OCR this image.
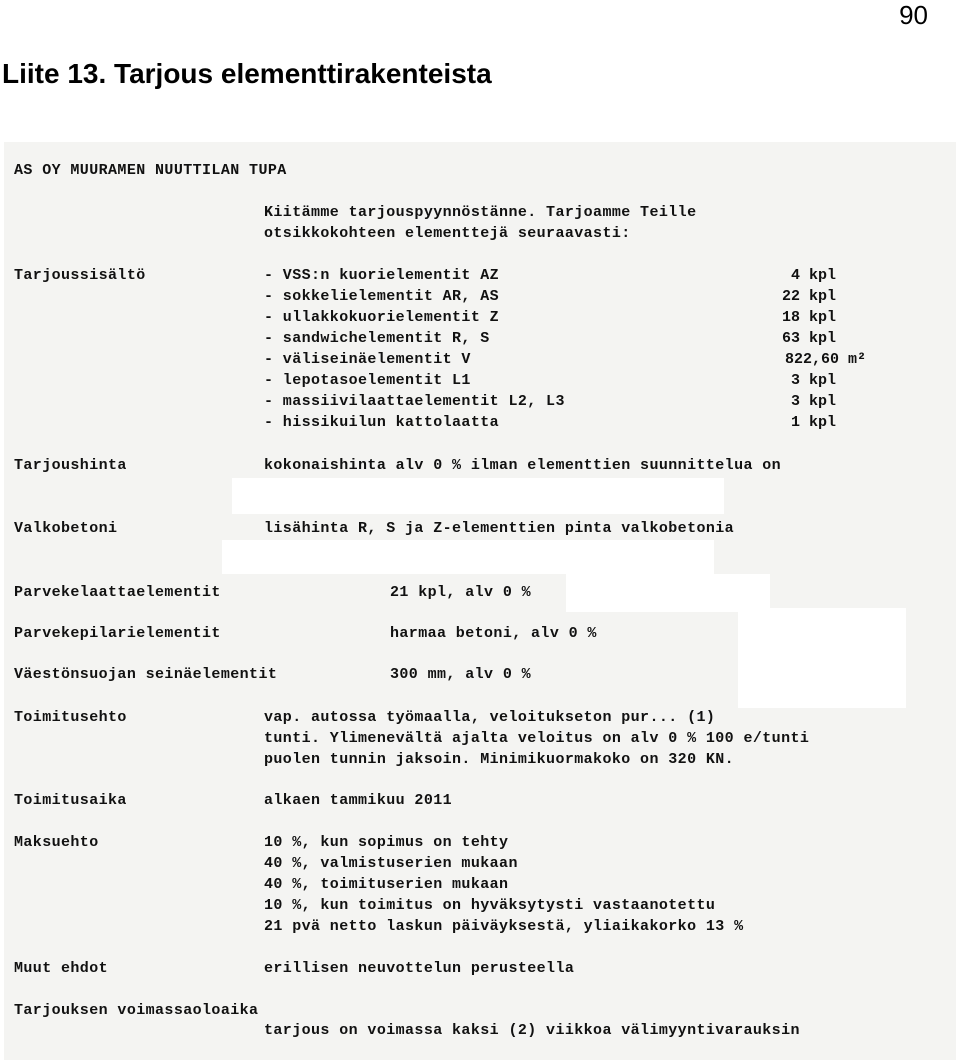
90
Liite 13. Tarjous elementtirakenteista
AS OY MUURAMEN NUUTTILAN TUPA
Kiitämme tarjouspyynnöstänne. Tarjoamme Teille
otsikkokohteen elementtejä seuraavasti:
Tarjoussisältö	- VSS:n kuorielementit AZ	4 kpl
- sokkelielementit AR, AS	22 kpl
- ullakkokuorielementit Z	18 kpl
- sandwichelementit R, S	63 kpl
- väliseinäelementit V	822,60 m²
- lepotasoelementit L1	3 kpl
- massiivilaattaelementit L2, L3	3 kpl
- hissikuilun kattolaatta	1 kpl
Tarjoushinta	kokonaishinta alv 0 % ilman elementtien suunnittelua on
Valkobetoni	lisähinta R, S ja Z-elementtien pinta valkobetonia
Parvekelaattaelementit	21 kpl, alv 0 %
Parvekepilarielementit	harmaa betoni, alv 0 %
Väestönsuojan seinäelementit	300 mm, alv 0 %
Toimitusehto	vap. autossa työmaalla, veloitukseton pur... (1)
tunti. Ylimenevältä ajalta veloitus on alv 0 % 100 e/tunti
puolen tunnin jaksoin. Minimikuormakoko on 320 KN.
Toimitusaika	alkaen tammikuu 2011
Maksuehto	10 %, kun sopimus on tehty
40 %, valmistuserien mukaan
40 %, toimituserien mukaan
10 %, kun toimitus on hyväksytysti vastaanotettu
21 pvä netto laskun päiväyksestä, yliaikakorko 13 %
Muut ehdot	erillisen neuvottelun perusteella
Tarjouksen voimassaoloaika
tarjous on voimassa kaksi (2) viikkoa välimyyntivarauksin
